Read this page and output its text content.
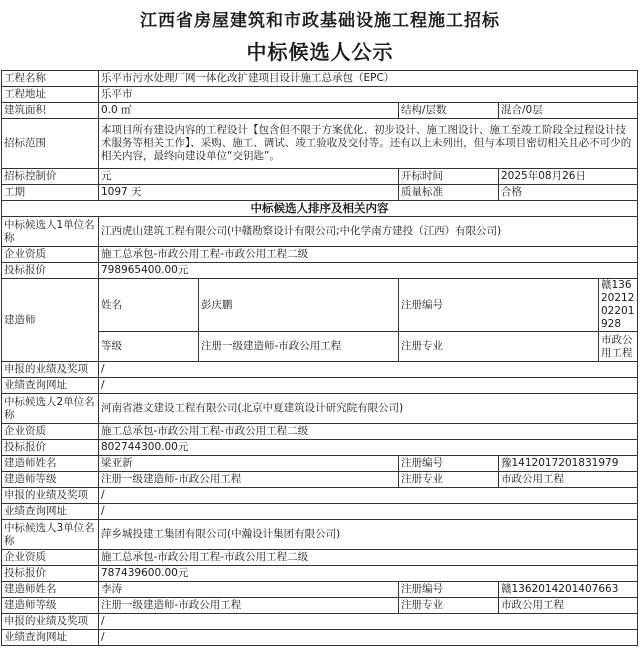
江西省房屋建筑和市政基础设施工程施工招标
中标候选人公示
工程名称	乐平市污水处理厂网一体化改扩建项目设计施工总承包（EPC）				
工程地址	乐平市				
建筑面积	0.0 ㎡		结构/层数	混合/0层	
招标范围	本项目所有建设内容的工程设计【包含但不限于方案优化、初步设计、施工图设计、施工至竣工阶段全过程设计技术服务等相关工作】、采购、施工、调试、竣工验收及交付等。还有以上未列出，但与本项目密切相关且必不可少的相关内容，最终向建设单位“交钥匙”。				
招标控制价	元		开标时间	2025年08月26日	
工期	1097 天		质量标准	合格	
中标候选人排序及相关内容					
中标候选人1单位名称	江西虎山建筑工程有限公司(中赣勘察设计有限公司;中化学南方建投（江西）有限公司)				
企业资质	施工总承包-市政公用工程-市政公用工程二级				
投标报价	798965400.00元				
建造师	姓名	彭庆鹏	注册编号		赣1362021202201928
	等级	注册一级建造师-市政公用工程	注册专业		市政公用工程
申报的业绩及奖项	/				
业绩查询网址	/				
中标候选人2单位名称	河南省港文建设工程有限公司(北京中夏建筑设计研究院有限公司)				
企业资质	施工总承包-市政公用工程-市政公用工程二级				
投标报价	802744300.00元				
建造师姓名	梁亚新		注册编号	豫1412017201831979	
建造师等级	注册一级建造师-市政公用工程		注册专业	市政公用工程	
申报的业绩及奖项	/				
业绩查询网址	/				
中标候选人3单位名称	萍乡城投建工集团有限公司(中瀚设计集团有限公司)				
企业资质	施工总承包-市政公用工程-市政公用工程二级				
投标报价	787439600.00元				
建造师姓名	李涛		注册编号	赣1362014201407663	
建造师等级	注册一级建造师-市政公用工程		注册专业	市政公用工程	
申报的业绩及奖项	/				
业绩查询网址	/				
